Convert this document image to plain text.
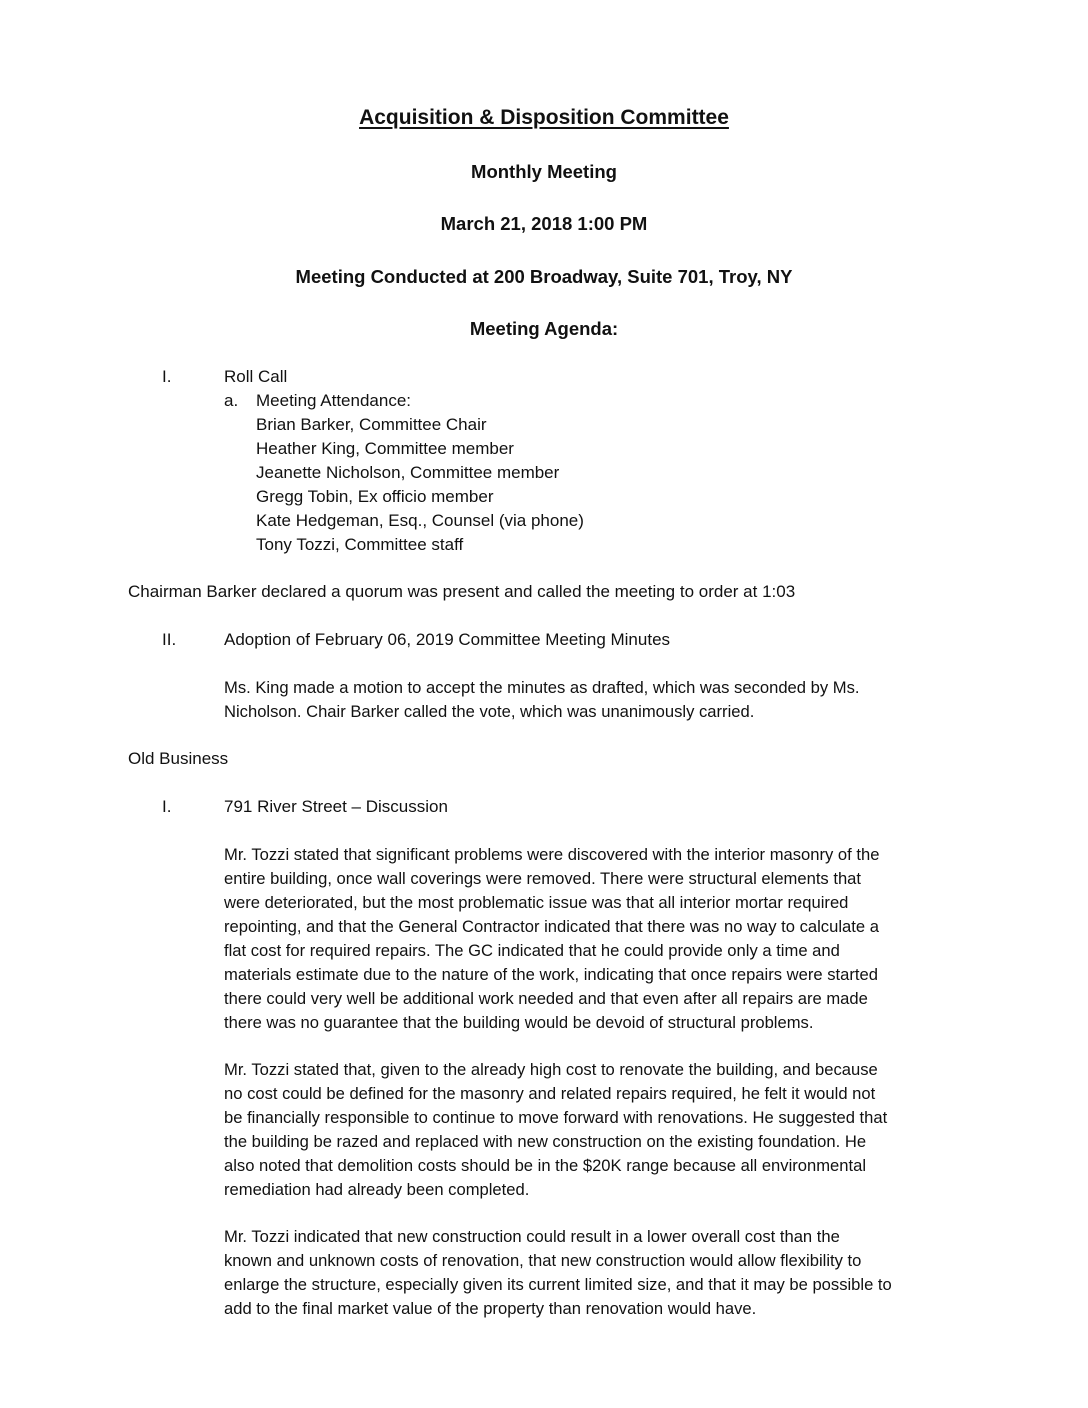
Acquisition & Disposition Committee
Monthly Meeting
March 21, 2018 1:00 PM
Meeting Conducted at 200 Broadway, Suite 701, Troy, NY
Meeting Agenda:
I.	Roll Call
a. Meeting Attendance:
Brian Barker, Committee Chair
Heather King, Committee member
Jeanette Nicholson, Committee member
Gregg Tobin, Ex officio member
Kate Hedgeman, Esq., Counsel (via phone)
Tony Tozzi, Committee staff
Chairman Barker declared a quorum was present and called the meeting to order at 1:03
II.	Adoption of February 06, 2019 Committee Meeting Minutes
Ms. King made a motion to accept the minutes as drafted, which was seconded by Ms.
Nicholson. Chair Barker called the vote, which was unanimously carried.
Old Business
I.	791 River Street – Discussion
Mr. Tozzi stated that significant problems were discovered with the interior masonry of the
entire building, once wall coverings were removed. There were structural elements that
were deteriorated, but the most problematic issue was that all interior mortar required
repointing, and that the General Contractor indicated that there was no way to calculate a
flat cost for required repairs. The GC indicated that he could provide only a time and
materials estimate due to the nature of the work, indicating that once repairs were started
there could very well be additional work needed and that even after all repairs are made
there was no guarantee that the building would be devoid of structural problems.
Mr. Tozzi stated that, given to the already high cost to renovate the building, and because
no cost could be defined for the masonry and related repairs required, he felt it would not
be financially responsible to continue to move forward with renovations. He suggested that
the building be razed and replaced with new construction on the existing foundation. He
also noted that demolition costs should be in the $20K range because all environmental
remediation had already been completed.
Mr. Tozzi indicated that new construction could result in a lower overall cost than the
known and unknown costs of renovation, that new construction would allow flexibility to
enlarge the structure, especially given its current limited size, and that it may be possible to
add to the final market value of the property than renovation would have.
